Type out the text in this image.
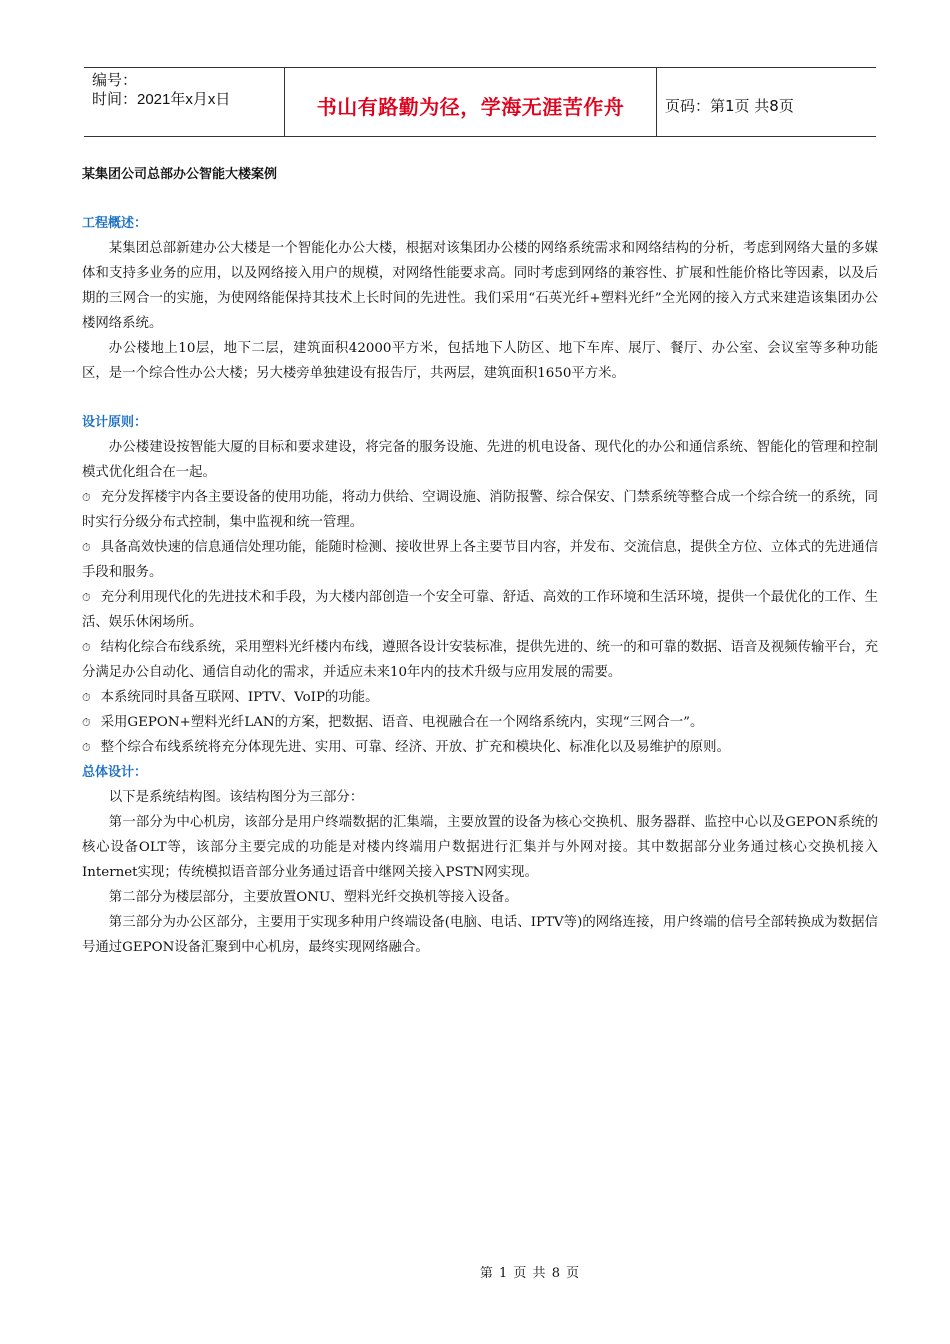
编号：
时间：2021年x月x日	书山有路勤为径，学海无涯苦作舟	页码：第1页 共8页
某集团公司总部办公智能大楼案例
工程概述：

某集团总部新建办公大楼是一个智能化办公大楼，根据对该集团办公楼的网络系统需求和网络结构的分析，考虑到网络大量的多媒体和支持多业务的应用，以及网络接入用户的规模，对网络性能要求高。同时考虑到网络的兼容性、扩展和性能价格比等因素，以及后期的三网合一的实施，为使网络能保持其技术上长时间的先进性。我们采用“石英光纤+塑料光纤”全光网的接入方式来建造该集团办公楼网络系统。

办公楼地上10层，地下二层，建筑面积42000平方米，包括地下人防区、地下车库、展厅、餐厅、办公室、会议室等多种功能区，是一个综合性办公大楼；另大楼旁单独建设有报告厅，共两层，建筑面积1650平方米。

设计原则：

办公楼建设按智能大厦的目标和要求建设，将完备的服务设施、先进的机电设备、现代化的办公和通信系统、智能化的管理和控制模式优化组合在一起。

⏱ 充分发挥楼宇内各主要设备的使用功能，将动力供给、空调设施、消防报警、综合保安、门禁系统等整合成一个综合统一的系统，同时实行分级分布式控制，集中监视和统一管理。

⏱ 具备高效快速的信息通信处理功能，能随时检测、接收世界上各主要节目内容，并发布、交流信息，提供全方位、立体式的先进通信手段和服务。

⏱ 充分利用现代化的先进技术和手段，为大楼内部创造一个安全可靠、舒适、高效的工作环境和生活环境，提供一个最优化的工作、生活、娱乐休闲场所。

⏱ 结构化综合布线系统，采用塑料光纤楼内布线，遵照各设计安装标准，提供先进的、统一的和可靠的数据、语音及视频传输平台，充分满足办公自动化、通信自动化的需求，并适应未来10年内的技术升级与应用发展的需要。

⏱ 本系统同时具备互联网、IPTV、VoIP的功能。

⏱ 采用GEPON+塑料光纤LAN的方案，把数据、语音、电视融合在一个网络系统内，实现“三网合一”。

⏱ 整个综合布线系统将充分体现先进、实用、可靠、经济、开放、扩充和模块化、标准化以及易维护的原则。

总体设计：

以下是系统结构图。该结构图分为三部分：

第一部分为中心机房，该部分是用户终端数据的汇集端，主要放置的设备为核心交换机、服务器群、监控中心以及GEPON系统的核心设备OLT等，该部分主要完成的功能是对楼内终端用户数据进行汇集并与外网对接。其中数据部分业务通过核心交换机接入Internet实现；传统模拟语音部分业务通过语音中继网关接入PSTN网实现。

第二部分为楼层部分，主要放置ONU、塑料光纤交换机等接入设备。

第三部分为办公区部分，主要用于实现多种用户终端设备(电脑、电话、IPTV等)的网络连接，用户终端的信号全部转换成为数据信号通过GEPON设备汇聚到中心机房，最终实现网络融合。

第 1 页 共 8 页
